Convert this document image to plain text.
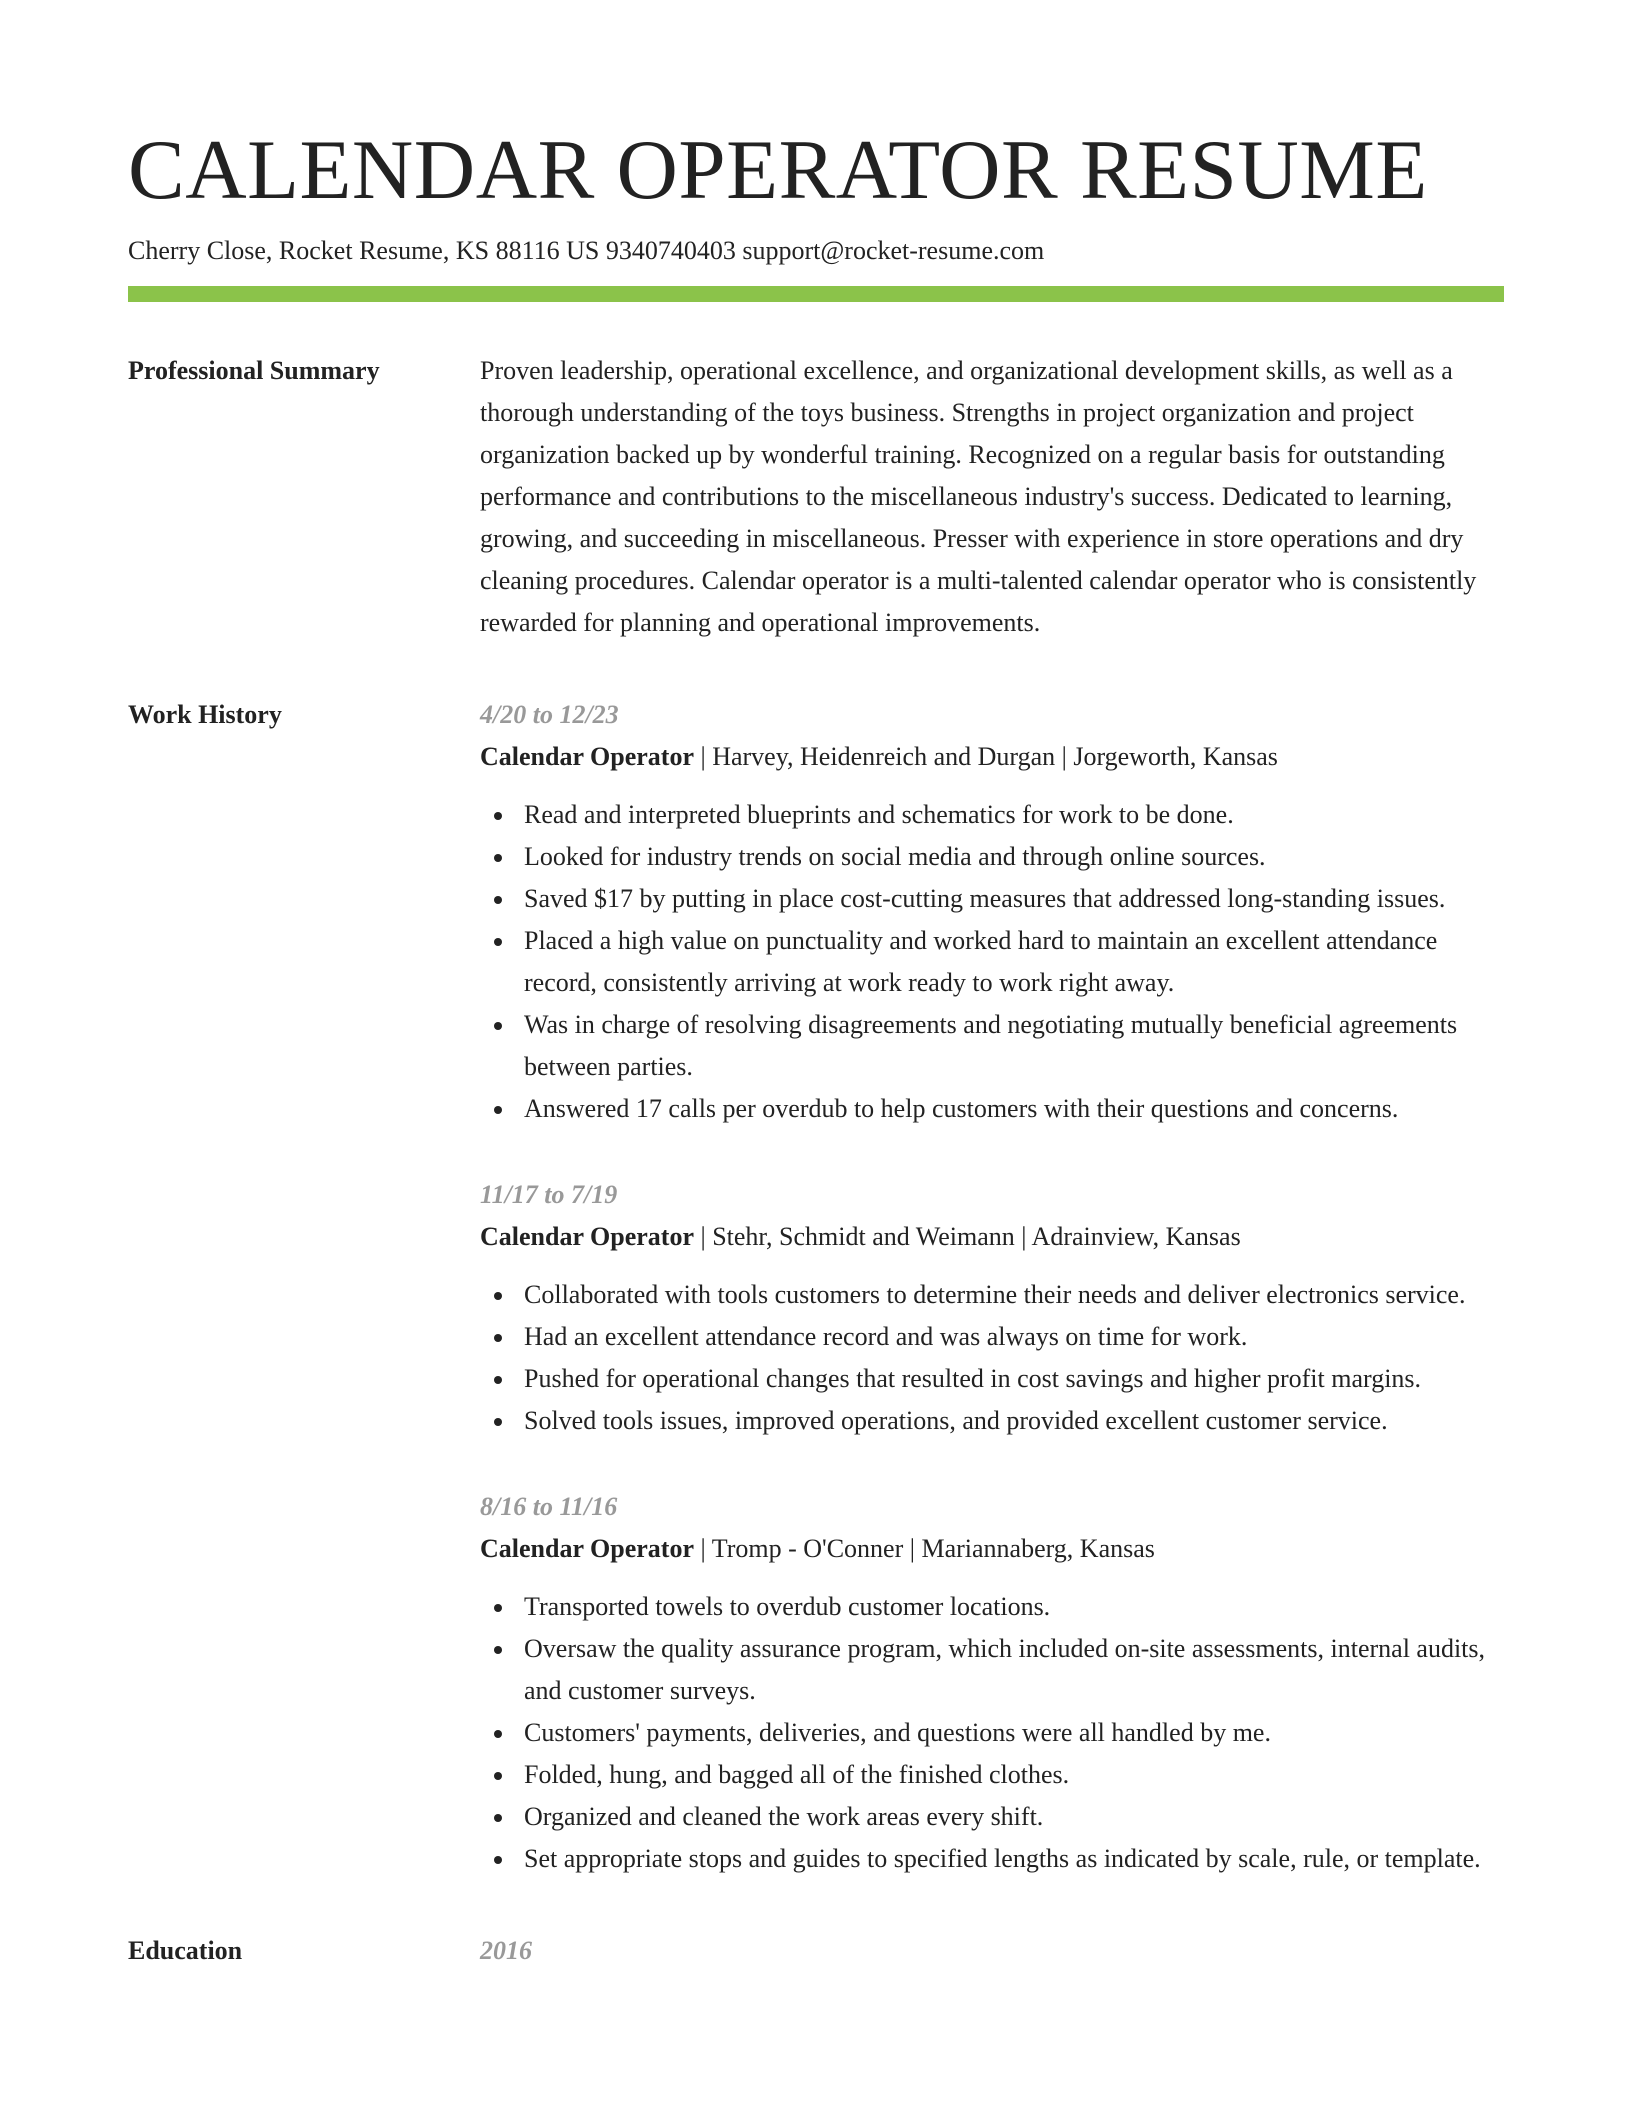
CALENDAR OPERATOR RESUME
Cherry Close, Rocket Resume, KS 88116 US 9340740403 support@rocket-resume.com
Professional Summary	Proven leadership, operational excellence, and organizational development skills, as well as a thorough understanding of the toys business. Strengths in project organization and project organization backed up by wonderful training. Recognized on a regular basis for outstanding performance and contributions to the miscellaneous industry's success. Dedicated to learning, growing, and succeeding in miscellaneous. Presser with experience in store operations and dry cleaning procedures. Calendar operator is a multi-talented calendar operator who is consistently rewarded for planning and operational improvements.
Work History	4/20 to 12/23
Calendar Operator | Harvey, Heidenreich and Durgan | Jorgeworth, Kansas
Read and interpreted blueprints and schematics for work to be done.
Looked for industry trends on social media and through online sources.
Saved $17 by putting in place cost-cutting measures that addressed long-standing issues.
Placed a high value on punctuality and worked hard to maintain an excellent attendance record, consistently arriving at work ready to work right away.
Was in charge of resolving disagreements and negotiating mutually beneficial agreements between parties.
Answered 17 calls per overdub to help customers with their questions and concerns.
11/17 to 7/19
Calendar Operator | Stehr, Schmidt and Weimann | Adrainview, Kansas
Collaborated with tools customers to determine their needs and deliver electronics service.
Had an excellent attendance record and was always on time for work.
Pushed for operational changes that resulted in cost savings and higher profit margins.
Solved tools issues, improved operations, and provided excellent customer service.
8/16 to 11/16
Calendar Operator | Tromp - O'Conner | Mariannaberg, Kansas
Transported towels to overdub customer locations.
Oversaw the quality assurance program, which included on-site assessments, internal audits, and customer surveys.
Customers' payments, deliveries, and questions were all handled by me.
Folded, hung, and bagged all of the finished clothes.
Organized and cleaned the work areas every shift.
Set appropriate stops and guides to specified lengths as indicated by scale, rule, or template.
Education	2016
